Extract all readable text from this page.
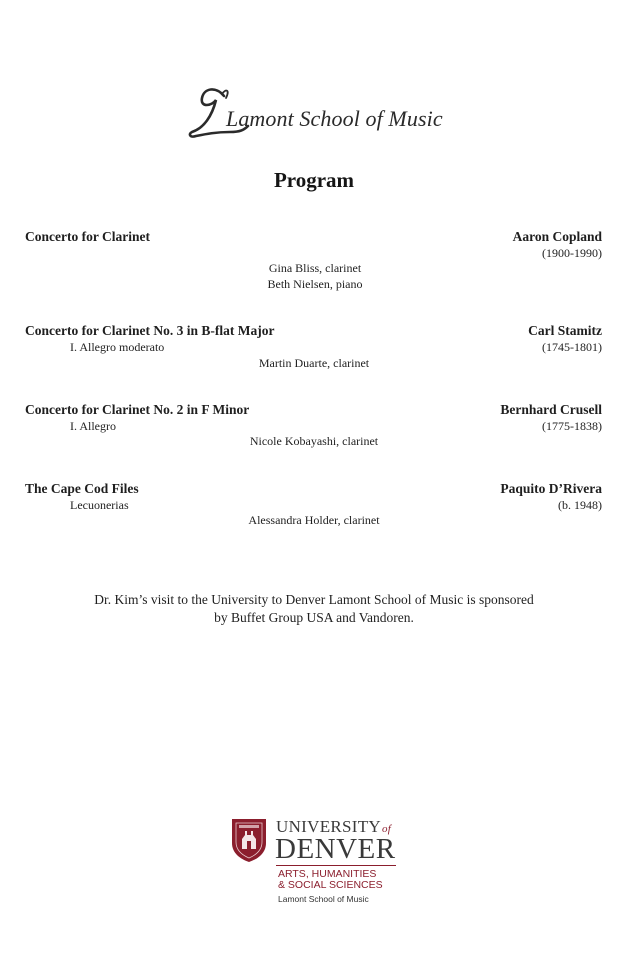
Lamont School of Music
Program
Concerto for Clarinet	Aaron Copland
(1900-1990)
Gina Bliss, clarinet
Beth Nielsen, piano
Concerto for Clarinet No. 3 in B-flat Major
I. Allegro moderato
Carl Stamitz
(1745-1801)
Martin Duarte, clarinet
Concerto for Clarinet No. 2 in F Minor
I. Allegro
Bernhard Crusell
(1775-1838)
Nicole Kobayashi, clarinet
The Cape Cod Files
Lecuonerias
Paquito D’Rivera
(b. 1948)
Alessandra Holder, clarinet
Dr. Kim’s visit to the University to Denver Lamont School of Music is sponsored
by Buffet Group USA and Vandoren.
UNIVERSITYof
DENVER
ARTS, HUMANITIES
& SOCIAL SCIENCES
Lamont School of Music
